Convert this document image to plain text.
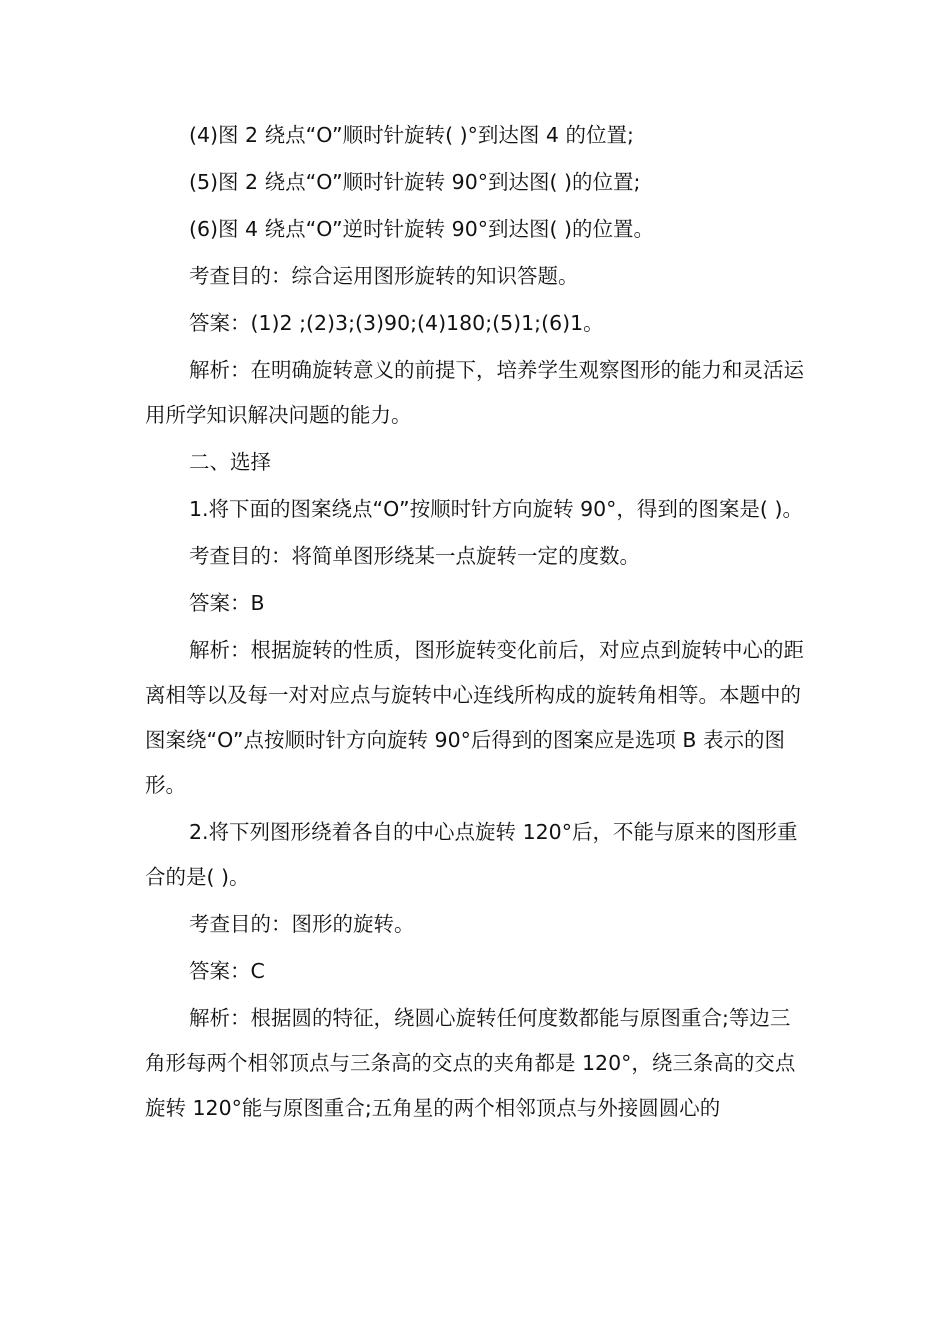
(4)图 2 绕点“O”顺时针旋转( )°到达图 4 的位置;

(5)图 2 绕点“O”顺时针旋转 90°到达图( )的位置;

(6)图 4 绕点“O”逆时针旋转 90°到达图( )的位置。

考查目的：综合运用图形旋转的知识答题。

答案：(1)2 ;(2)3;(3)90;(4)180;(5)1;(6)1。

解析：在明确旋转意义的前提下，培养学生观察图形的能力和灵活运用所学知识解决问题的能力。

二、选择

1.将下面的图案绕点“O”按顺时针方向旋转 90°，得到的图案是( )。

考查目的：将简单图形绕某一点旋转一定的度数。

答案：B

解析：根据旋转的性质，图形旋转变化前后，对应点到旋转中心的距离相等以及每一对对应点与旋转中心连线所构成的旋转角相等。本题中的图案绕“O”点按顺时针方向旋转 90°后得到的图案应是选项 B 表示的图形。

2.将下列图形绕着各自的中心点旋转 120°后，不能与原来的图形重合的是( )。

考查目的：图形的旋转。

答案：C

解析：根据圆的特征，绕圆心旋转任何度数都能与原图重合;等边三角形每两个相邻顶点与三条高的交点的夹角都是 120°，绕三条高的交点旋转 120°能与原图重合;五角星的两个相邻顶点与外接圆圆心的
